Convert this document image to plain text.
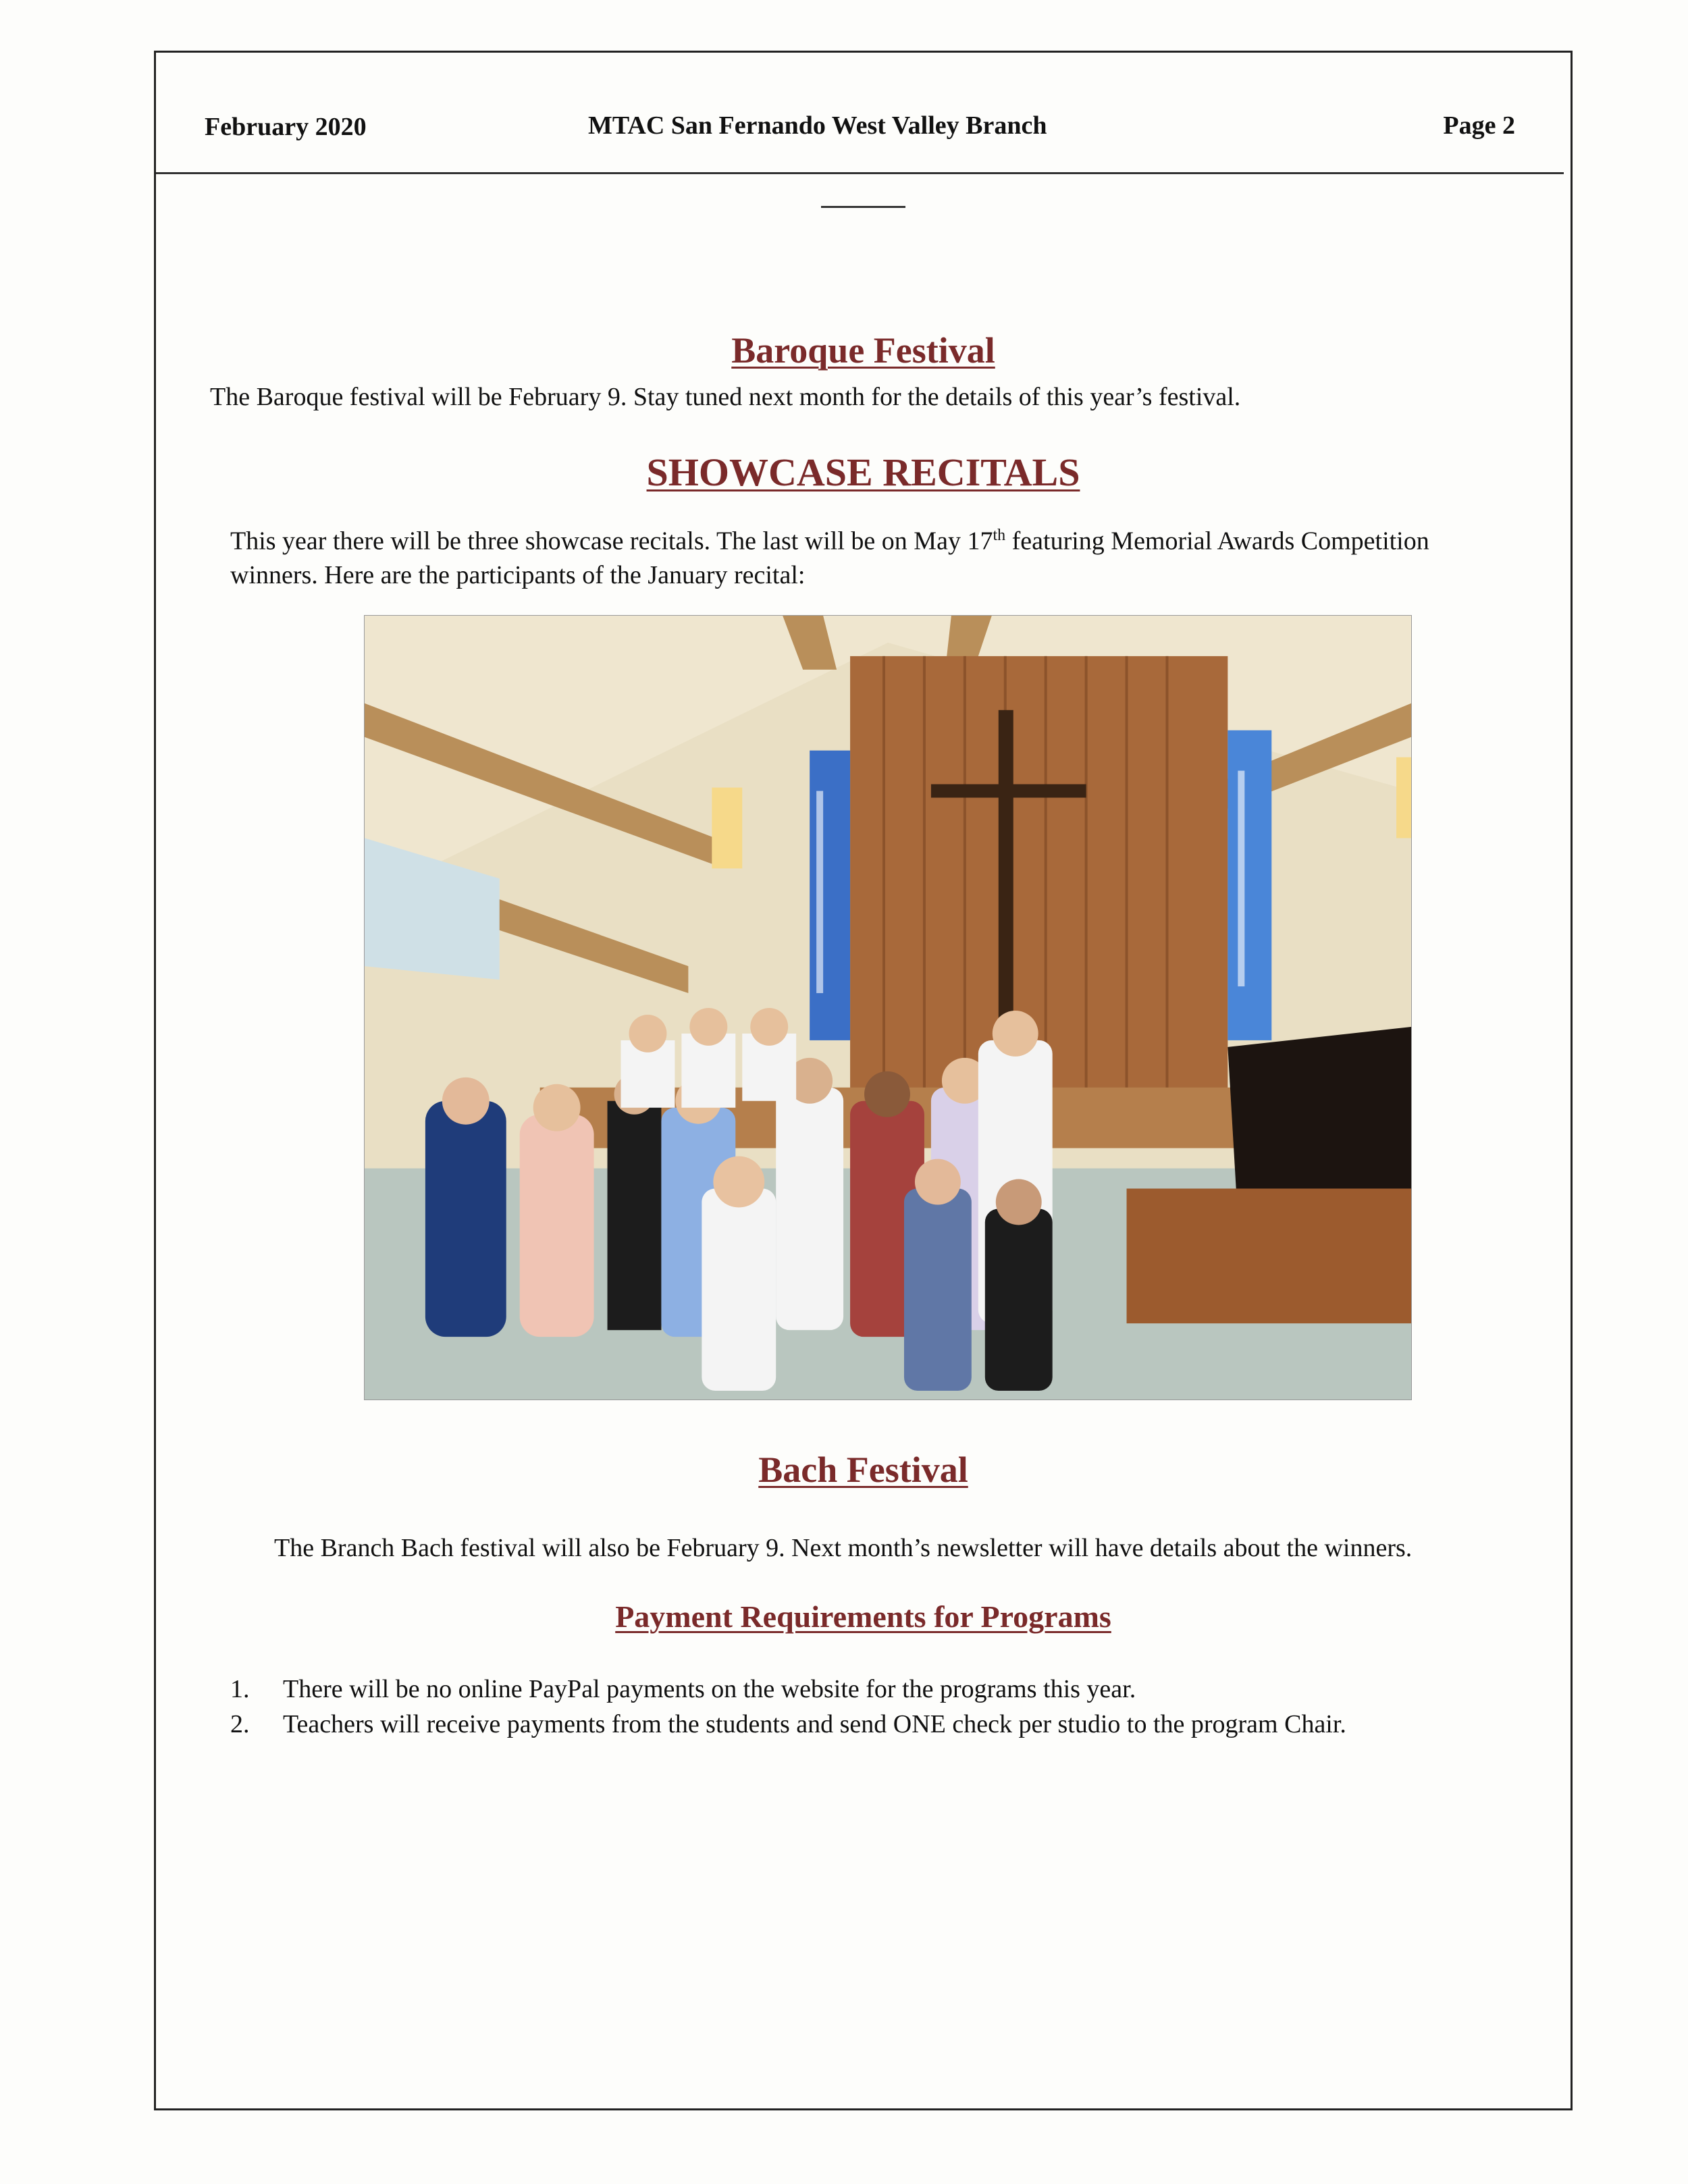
February 2020	MTAC San Fernando West Valley Branch	Page 2
Baroque Festival
The Baroque festival will be February 9. Stay tuned next month for the details of this year’s festival.
SHOWCASE RECITALS
This year there will be three showcase recitals. The last will be on May 17th featuring Memorial Awards Competition winners. Here are the participants of the January recital:
Bach Festival
The Branch Bach festival will also be February 9. Next month’s newsletter will have details about the winners.
Payment Requirements for Programs
1.	There will be no online PayPal payments on the website for the programs this year.
2.	Teachers will receive payments from the students and send ONE check per studio to the program Chair.
